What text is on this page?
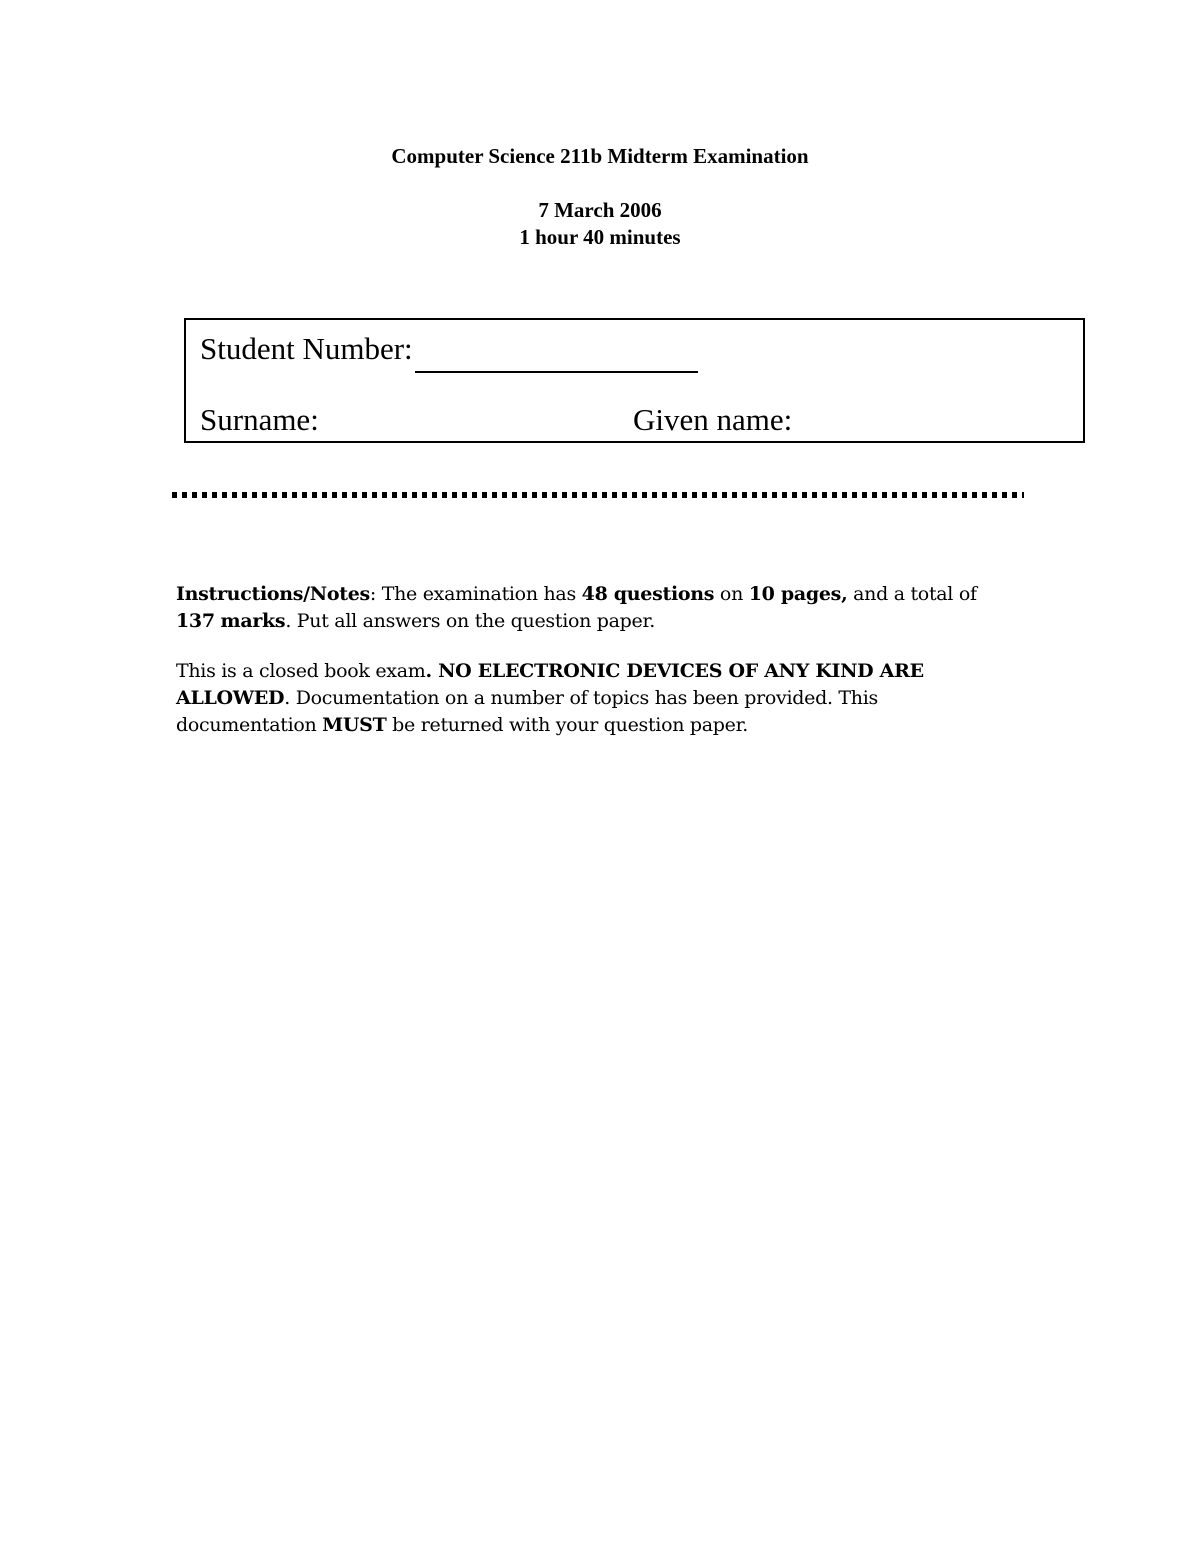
Computer Science 211b Midterm Examination
7 March 2006
1 hour 40 minutes
Student Number:
Surname:	Given name:

Instructions/Notes: The examination has 48 questions on 10 pages, and a total of 137 marks. Put all answers on the question paper.

This is a closed book exam. NO ELECTRONIC DEVICES OF ANY KIND ARE ALLOWED. Documentation on a number of topics has been provided. This documentation MUST be returned with your question paper.
